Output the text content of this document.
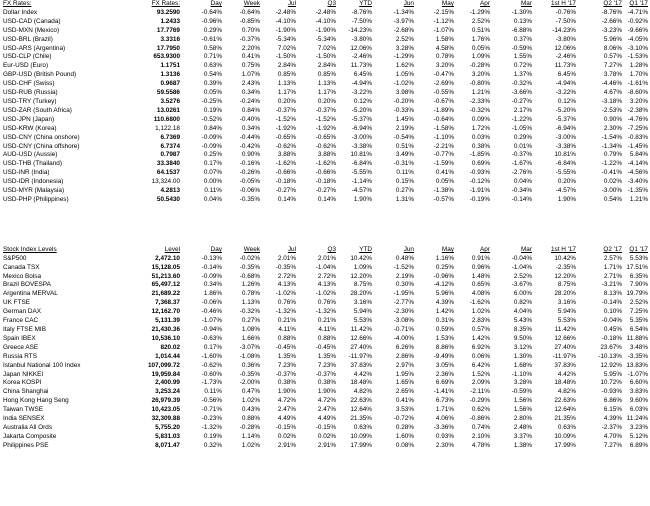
FX Rates:	FX Rates:	Day	Week	Jul	Q3	YTD	Jun	May	Apr	Mar	1st H '17	Q2 '17	Q1 '17
Dollar Index	93.2590	-0.64%	-0.64%	-2.48%	-2.48%	-8.76%	-1.34%	-2.15%	-1.29%	-1.30%	-0.76%	-8.76%	-4.71%
USD-CAD (Canada)	1.2433	-0.96%	-0.85%	-4.10%	-4.10%	-7.50%	-3.97%	-1.12%	2.52%	0.13%	-7.50%	-2.66%	-0.92%
USD-MXN (Mexico)	17.7769	0.29%	0.70%	-1.90%	-1.90%	-14.23%	-2.68%	-1.07%	0.51%	-6.88%	-14.23%	-3.23%	-9.66%
USD-BRL (Brazil)	3.3316	-0.61%	-0.37%	-5.34%	-5.34%	-3.80%	2.52%	1.58%	1.76%	0.37%	-3.80%	5.96%	-4.05%
USD-ARS (Argentina)	17.7950	0.58%	2.20%	7.02%	7.02%	12.06%	3.28%	4.58%	0.05%	-0.59%	12.06%	8.06%	-3.10%
USD-CLP (Chile)	653.9300	0.71%	0.41%	-1.50%	-1.50%	-2.46%	-1.29%	0.78%	1.09%	1.55%	-2.46%	0.57%	-1.53%
Eur-USD (Euro)	1.1751	0.63%	0.75%	2.84%	2.84%	11.73%	1.62%	3.20%	-0.28%	0.72%	11.73%	7.27%	1.28%
GBP-USD (British Pound)	1.3136	0.54%	1.07%	0.85%	0.85%	6.45%	1.05%	-0.47%	3.20%	1.37%	6.45%	3.78%	1.70%
USD-CHF (Swiss)	0.9687	0.39%	2.43%	1.13%	1.13%	-4.94%	-1.02%	-2.69%	-0.80%	-0.32%	-4.94%	-4.46%	-1.61%
USD-RUB (Russia)	59.5586	0.05%	0.34%	1.17%	1.17%	-3.22%	3.98%	-0.55%	1.21%	-3.66%	-3.22%	4.67%	-8.60%
USD-TRY (Turkey)	3.5276	-0.25%	-0.24%	0.20%	0.20%	0.12%	-0.20%	-0.67%	-2.33%	-0.27%	0.12%	-3.18%	3.20%
USD-ZAR (South Africa)	13.0261	0.19%	0.84%	-0.37%	-0.37%	-5.20%	-0.33%	-1.89%	-0.32%	2.17%	-5.20%	-2.53%	-2.38%
USD-JPN (Japan)	110.6800	-0.52%	-0.40%	-1.52%	-1.52%	-5.37%	1.45%	-0.64%	0.09%	-1.22%	-5.37%	0.90%	-4.76%
USD-KRW (Korea)	1,122.18	0.84%	0.34%	-1.92%	-1.92%	-6.94%	2.19%	-1.58%	1.72%	-1.05%	-6.94%	2.30%	-7.25%
USD-CNY (China onshore)	6.7369	-0.09%	-0.44%	-0.65%	-0.65%	-3.00%	-0.54%	-1.10%	0.03%	0.29%	-3.00%	-1.54%	-0.83%
USD-CNY (China offshore)	6.7374	-0.09%	-0.42%	-0.62%	-0.62%	-3.38%	0.51%	-2.21%	0.38%	0.01%	-3.38%	-1.34%	-1.45%
AUD-USD (Aussie)	0.7987	0.25%	0.90%	3.88%	3.88%	10.81%	3.49%	-0.77%	-1.85%	-0.37%	10.81%	0.79%	5.84%
USD-THB (Thailand)	33.3840	0.17%	-0.16%	-1.62%	-1.62%	-6.84%	-0.31%	-1.59%	0.69%	-1.67%	-6.84%	-1.22%	-4.14%
USD-INR (India)	64.1537	0.07%	-0.26%	-0.66%	-0.66%	-5.55%	0.11%	0.41%	-0.93%	-2.76%	-5.55%	-0.41%	-4.56%
USD-IDR (Indonesia)	13,324.00	0.00%	-0.05%	-0.18%	-0.18%	-1.14%	0.15%	0.05%	-0.12%	0.04%	0.20%	0.02%	-3.40%
USD-MYR (Malaysia)	4.2813	0.11%	-0.06%	-0.27%	-0.27%	-4.57%	0.27%	-1.38%	-1.91%	-0.34%	-4.57%	-3.00%	-1.35%
USD-PHP (Philippines)	50.5430	0.04%	-0.35%	0.14%	0.14%	1.90%	1.31%	-0.57%	-0.19%	-0.14%	1.90%	0.54%	1.21%
Stock Index Levels	Level	Day	Week	Jul	Q3	YTD	Jun	May	Apr	Mar	1st H '17	Q2 '17	Q1 '17
S&P500	2,472.10	-0.13%	-0.02%	2.01%	2.01%	10.42%	0.48%	1.16%	0.91%	-0.04%	10.42%	2.57%	5.53%
Canada TSX	15,128.05	-0.14%	-0.35%	-0.35%	-1.04%	1.09%	-1.52%	0.25%	0.96%	-1.04%	-2.35%	1.71%	17.51%
Mexico Bolsa	51,213.60	-0.09%	-0.68%	2.72%	2.72%	12.20%	2.19%	-0.96%	1.48%	2.52%	12.20%	2.71%	6.35%
Brazil BOVESPA	65,497.12	0.34%	1.26%	4.13%	4.13%	8.75%	0.30%	-4.12%	0.65%	-3.67%	8.75%	-3.21%	7.90%
Argentina MERVAL	21,689.22	1.86%	0.78%	-1.02%	-1.02%	28.20%	-1.95%	5.96%	4.08%	6.00%	28.20%	8.13%	19.79%
UK FTSE	7,368.37	-0.06%	1.13%	0.76%	0.76%	3.16%	-2.77%	4.39%	-1.62%	0.82%	3.16%	-0.14%	2.52%
German DAX	12,162.70	-0.46%	-0.32%	-1.32%	-1.32%	5.94%	-2.30%	1.42%	1.02%	4.04%	5.94%	0.10%	7.25%
France CAC	5,131.39	-1.07%	0.27%	0.21%	0.21%	5.53%	-3.08%	0.31%	2.83%	5.43%	5.53%	-0.04%	5.35%
Italy FTSE MIB	21,430.36	-0.94%	1.08%	4.11%	4.11%	11.42%	-0.71%	0.59%	0.57%	8.35%	11.42%	0.45%	6.54%
Spain IBEX	10,536.10	-0.63%	1.66%	0.88%	0.88%	12.66%	-4.00%	1.53%	1.42%	9.50%	12.66%	-0.18%	11.88%
Greece ASE	820.02	0.17%	-3.07%	-0.45%	-0.45%	27.40%	6.26%	8.86%	6.92%	3.12%	27.40%	23.67%	3.48%
Russia RTS	1,014.44	-1.60%	-1.08%	1.35%	1.35%	-11.97%	2.86%	-9.49%	0.06%	1.30%	-11.97%	-10.13%	-3.35%
Istanbul National 100 Index	107,099.72	-0.62%	0.36%	7.23%	7.23%	37.83%	2.97%	3.05%	6.42%	1.68%	37.83%	12.92%	13.83%
Japan NIKKEI	19,959.84	-0.60%	-0.35%	-0.37%	-0.37%	4.42%	1.95%	2.36%	1.52%	-1.10%	4.42%	5.95%	-1.07%
Korea KOSPI	2,400.99	-1.73%	-2.00%	0.38%	0.38%	18.48%	1.65%	6.69%	2.09%	3.28%	18.48%	10.72%	6.60%
China Shanghai	3,253.24	0.11%	0.47%	1.90%	1.90%	4.82%	2.65%	-1.41%	-2.11%	-0.59%	4.82%	-0.93%	3.83%
Hong Kong Hang Seng	26,979.39	-0.56%	1.02%	4.72%	4.72%	22.63%	0.41%	6.73%	-0.29%	1.56%	22.63%	6.86%	9.60%
Taiwan TWSE	10,423.05	-0.71%	0.43%	2.47%	2.47%	12.64%	3.53%	1.71%	0.62%	1.56%	12.64%	6.15%	6.03%
India SENSEX	32,309.88	-0.23%	0.88%	4.49%	4.49%	21.35%	-0.72%	4.06%	-0.86%	2.80%	21.35%	4.39%	11.24%
Australia All Ords	5,755.20	-1.32%	-0.28%	-0.15%	-0.15%	0.63%	0.28%	-3.36%	0.74%	2.48%	0.63%	-2.37%	3.23%
Jakarta Composite	5,831.03	0.19%	1.14%	0.02%	0.02%	10.09%	1.60%	0.93%	2.10%	3.37%	10.09%	4.70%	5.12%
Philippines PSE	8,071.47	0.32%	1.02%	2.91%	2.91%	17.99%	0.08%	2.30%	4.78%	1.38%	17.99%	7.27%	6.89%
